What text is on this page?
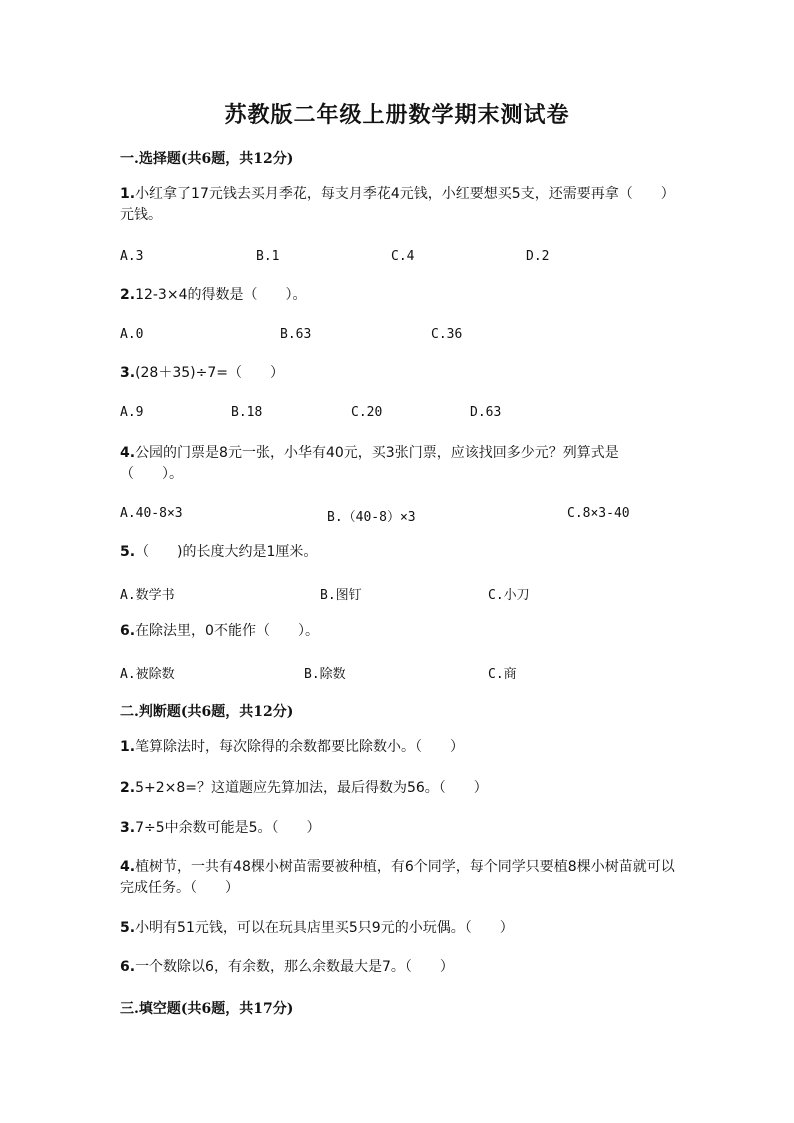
苏教版二年级上册数学期末测试卷
一.选择题(共6题，共12分)
1.小红拿了17元钱去买月季花，每支月季花4元钱，小红要想买5支，还需要再拿（　　）元钱。
A.3	B.1	C.4	D.2
2.12-3×4的得数是（　　）。
A.0	B.63	C.36
3.(28＋35)÷7=（　　）
A.9	B.18	C.20	D.63
4.公园的门票是8元一张，小华有40元，买3张门票，应该找回多少元？列算式是（　　）。
A.40-8×3	B.（40-8）×3	C.8×3-40
5.（　　)的长度大约是1厘米。
A.数学书	B.图钉	C.小刀
6.在除法里，0不能作（　　）。
A.被除数	B.除数	C.商
二.判断题(共6题，共12分)
1.笔算除法时，每次除得的余数都要比除数小。（　　）
2.5+2×8=？这道题应先算加法，最后得数为56。（　　）
3.7÷5中余数可能是5。（　　）
4.植树节，一共有48棵小树苗需要被种植，有6个同学，每个同学只要植8棵小树苗就可以完成任务。（　　）
5.小明有51元钱，可以在玩具店里买5只9元的小玩偶。（　　）
6.一个数除以6，有余数，那么余数最大是7。（　　）
三.填空题(共6题，共17分)
